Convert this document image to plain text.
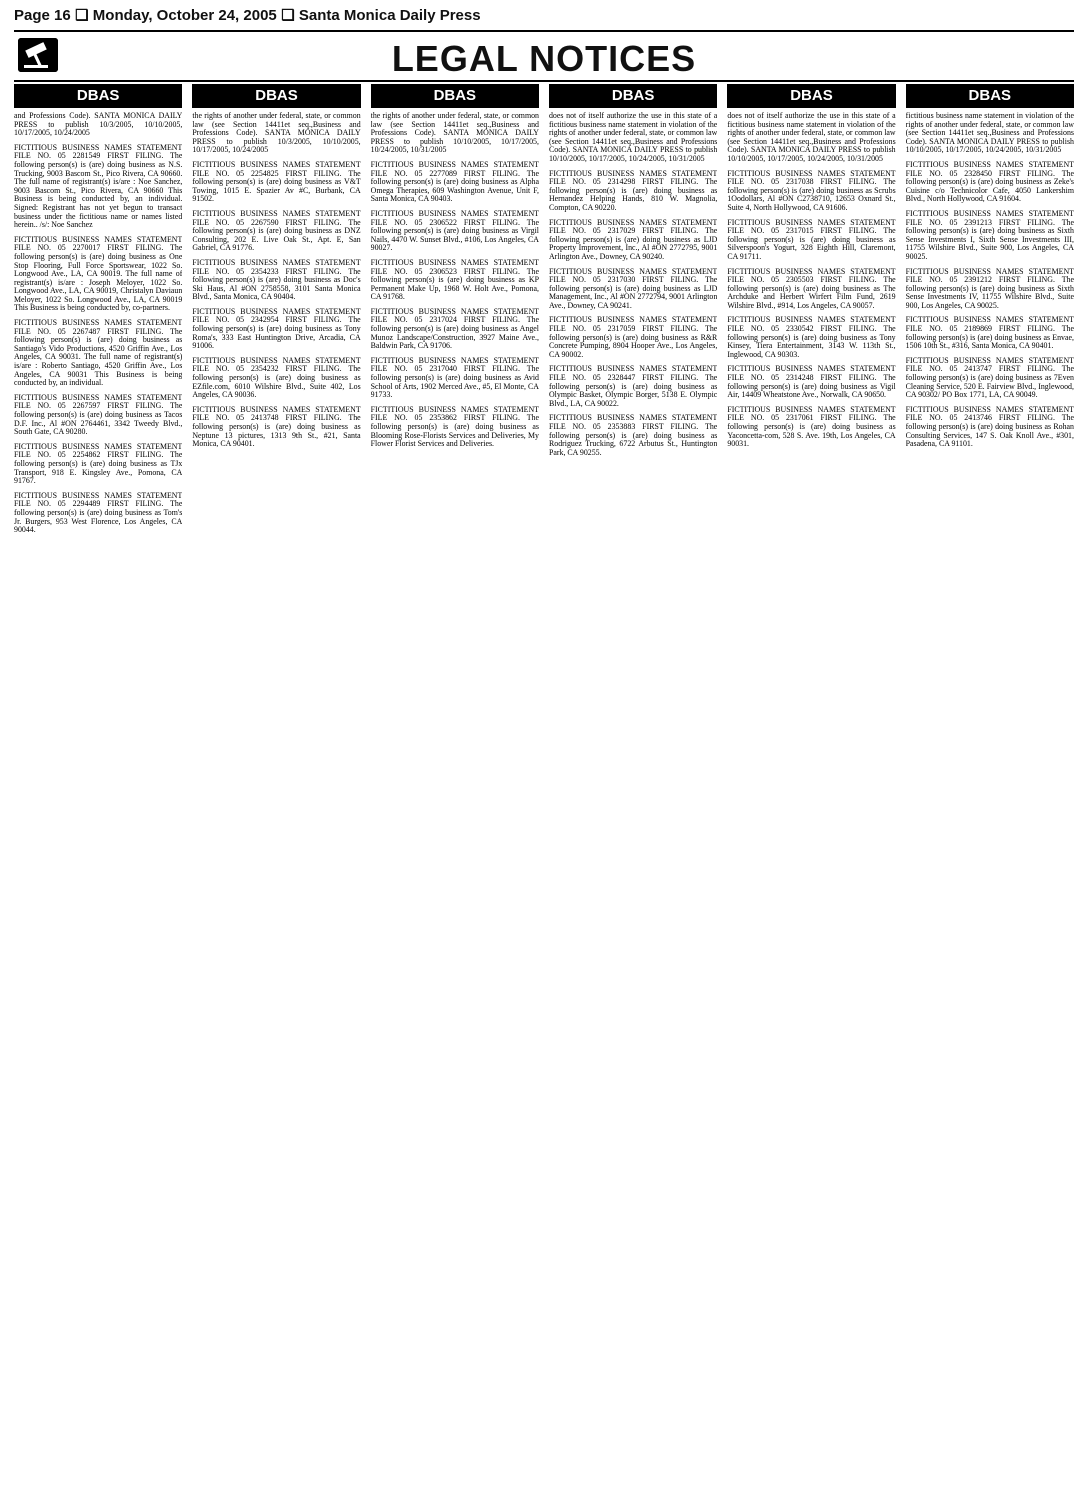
Page 16 ❑ Monday, October 24, 2005 ❑ Santa Monica Daily Press
LEGAL NOTICES
DBAS

and Professions Code). SANTA MONICA DAILY PRESS to publish 10/3/2005, 10/10/2005, 10/17/2005, 10/24/2005

FICTITIOUS BUSINESS NAMES STATEMENT FILE NO. 05 2281549 FIRST FILING. The following person(s) is (are) doing business as N.S. Trucking, 9003 Bascom St., Pico Rivera, CA 90660. The full name of registrant(s) is/are : Noe Sanchez, 9003 Bascom St., Pico Rivera, CA 90660 This Business is being conducted by, an individual. Signed: Registrant has not yet begun to transact business under the fictitious name or names listed herein.. /s/: Noe Sanchez

FICTITIOUS BUSINESS NAMES STATEMENT FILE NO. 05 2270017 FIRST FILING. The following person(s) is (are) doing business as One Stop Flooring, Full Force Sportswear, 1022 So. Longwood Ave., LA, CA 90019. The full name of registrant(s) is/are : Joseph Meloyer, 1022 So. Longwood Ave., LA, CA 90019, Christalyn Daviaun Meloyer, 1022 So. Longwood Ave., LA, CA 90019 This Business is being conducted by, co-partners.

FICTITIOUS BUSINESS NAMES STATEMENT FILE NO. 05 2267487 FIRST FILING. The following person(s) is (are) doing business as Santiago's Vido Productions, 4520 Griffin Ave., Los Angeles, CA 90031. The full name of registrant(s) is/are : Roberto Santiago, 4520 Griffin Ave., Los Angeles, CA 90031 This Business is being conducted by, an individual.

FICTITIOUS BUSINESS NAMES STATEMENT FILE NO. 05 2267597 FIRST FILING. The following person(s) is (are) doing business as Tacos D.F. Inc., Al #ON 2764461, 3342 Tweedy Blvd., South Gate, CA 90280.

FICTITIOUS BUSINESS NAMES STATEMENT FILE NO. 05 2254862 FIRST FILING. The following person(s) is (are) doing business as TJx Transport, 918 E. Kingsley Ave., Pomona, CA 91767.

FICTITIOUS BUSINESS NAMES STATEMENT FILE NO. 05 2294489 FIRST FILING. The following person(s) is (are) doing business as Tom's Jr. Burgers, 953 West Florence, Los Angeles, CA 90044.

DBAS

the rights of another under federal, state, or common law (see Section 14411et seq.,Business and Professions Code). SANTA MONICA DAILY PRESS to publish 10/3/2005, 10/10/2005, 10/17/2005, 10/24/2005

FICTITIOUS BUSINESS NAMES STATEMENT FILE NO. 05 2254825 FIRST FILING. The following person(s) is (are) doing business as V&T Towing, 1015 E. Spazier Av #C, Burbank, CA 91502.

FICTITIOUS BUSINESS NAMES STATEMENT FILE NO. 05 2267590 FIRST FILING. The following person(s) is (are) doing business as DNZ Consulting, 202 E. Live Oak St., Apt. E, San Gabriel, CA 91776.

FICTITIOUS BUSINESS NAMES STATEMENT FILE NO. 05 2354233 FIRST FILING. The following person(s) is (are) doing business as Doc's Ski Haus, Al #ON 2758558, 3101 Santa Monica Blvd., Santa Monica, CA 90404.

FICTITIOUS BUSINESS NAMES STATEMENT FILE NO. 05 2342954 FIRST FILING. The following person(s) is (are) doing business as Tony Roma's, 333 East Huntington Drive, Arcadia, CA 91006.

FICTITIOUS BUSINESS NAMES STATEMENT FILE NO. 05 2354232 FIRST FILING. The following person(s) is (are) doing business as EZfile.com, 6010 Wilshire Blvd., Suite 402, Los Angeles, CA 90036.

FICTITIOUS BUSINESS NAMES STATEMENT FILE NO. 05 2413748 FIRST FILING. The following person(s) is (are) doing business as Neptune 13 pictures, 1313 9th St., #21, Santa Monica, CA 90401.

DBAS

the rights of another under federal, state, or common law (see Section 14411et seq.,Business and Professions Code). SANTA MONICA DAILY PRESS to publish 10/10/2005, 10/17/2005, 10/24/2005, 10/31/2005

FICTITIOUS BUSINESS NAMES STATEMENT FILE NO. 05 2277089 FIRST FILING. The following person(s) is (are) doing business as Alpha Omega Therapies, 609 Washington Avenue, Unit F, Santa Monica, CA 90403.

FICTITIOUS BUSINESS NAMES STATEMENT FILE NO. 05 2306522 FIRST FILING. The following person(s) is (are) doing business as Virgil Nails, 4470 W. Sunset Blvd., #106, Los Angeles, CA 90027.

FICTITIOUS BUSINESS NAMES STATEMENT FILE NO. 05 2306523 FIRST FILING. The following person(s) is (are) doing business as KP Permanent Make Up, 1968 W. Holt Ave., Pomona, CA 91768.

FICTITIOUS BUSINESS NAMES STATEMENT FILE NO. 05 2317024 FIRST FILING. The following person(s) is (are) doing business as Angel Munoz Landscape/Construction, 3927 Maine Ave., Baldwin Park, CA 91706.

FICTITIOUS BUSINESS NAMES STATEMENT FILE NO. 05 2317040 FIRST FILING. The following person(s) is (are) doing business as Avid School of Arts, 1902 Merced Ave., #5, El Monte, CA 91733.

FICTITIOUS BUSINESS NAMES STATEMENT FILE NO. 05 2353862 FIRST FILING. The following person(s) is (are) doing business as Blooming Rose-Florists Services and Deliveries, My Flower Florist Services and Deliveries.

DBAS

does not of itself authorize the use in this state of a fictitious business name statement in violation of the rights of another under federal, state, or common law (see Section 14411et seq.,Business and Professions Code). SANTA MONICA DAILY PRESS to publish 10/10/2005, 10/17/2005, 10/24/2005, 10/31/2005

FICTITIOUS BUSINESS NAMES STATEMENT FILE NO. 05 2314298 FIRST FILING. The following person(s) is (are) doing business as Hernandez Helping Hands, 810 W. Magnolia, Compton, CA 90220.

FICTITIOUS BUSINESS NAMES STATEMENT FILE NO. 05 2317029 FIRST FILING. The following person(s) is (are) doing business as LJD Property Improvement, Inc., Al #ON 2772795, 9001 Arlington Ave., Downey, CA 90240.

FICTITIOUS BUSINESS NAMES STATEMENT FILE NO. 05 2317030 FIRST FILING. The following person(s) is (are) doing business as LJD Management, Inc., Al #ON 2772794, 9001 Arlington Ave., Downey, CA 90241.

FICTITIOUS BUSINESS NAMES STATEMENT FILE NO. 05 2317059 FIRST FILING. The following person(s) is (are) doing business as R&R Concrete Pumping, 8904 Hooper Ave., Los Angeles, CA 90002.

FICTITIOUS BUSINESS NAMES STATEMENT FILE NO. 05 2328447 FIRST FILING. The following person(s) is (are) doing business as Olympic Basket, Olympic Borger, 5138 E. Olympic Blvd., LA, CA 90022.

FICTITIOUS BUSINESS NAMES STATEMENT FILE NO. 05 2353883 FIRST FILING. The following person(s) is (are) doing business as Rodriguez Trucking, 6722 Arbutus St., Huntington Park, CA 90255.

DBAS

does not of itself authorize the use in this state of a fictitious business name statement in violation of the rights of another under federal, state, or common law (see Section 14411et seq.,Business and Professions Code). SANTA MONICA DAILY PRESS to publish 10/10/2005, 10/17/2005, 10/24/2005, 10/31/2005

FICTITIOUS BUSINESS NAMES STATEMENT FILE NO. 05 2317038 FIRST FILING. The following person(s) is (are) doing business as Scrubs 1Oodollars, Al #ON C2738710, 12653 Oxnard St., Suite 4, North Hollywood, CA 91606.

FICTITIOUS BUSINESS NAMES STATEMENT FILE NO. 05 2317015 FIRST FILING. The following person(s) is (are) doing business as Silverspoon's Yogurt, 328 Eighth Hill, Claremont, CA 91711.

FICTITIOUS BUSINESS NAMES STATEMENT FILE NO. 05 2305503 FIRST FILING. The following person(s) is (are) doing business as The Archduke and Herbert Wirfert Film Fund, 2619 Wilshire Blvd., #914, Los Angeles, CA 90057.

FICTITIOUS BUSINESS NAMES STATEMENT FILE NO. 05 2330542 FIRST FILING. The following person(s) is (are) doing business as Tony Kinsey, Tiera Entertainment, 3143 W. 113th St., Inglewood, CA 90303.

FICTITIOUS BUSINESS NAMES STATEMENT FILE NO. 05 2314248 FIRST FILING. The following person(s) is (are) doing business as Vigil Air, 14409 Wheatstone Ave., Norwalk, CA 90650.

FICTITIOUS BUSINESS NAMES STATEMENT FILE NO. 05 2317061 FIRST FILING. The following person(s) is (are) doing business as Yaconcetta-com, 528 S. Ave. 19th, Los Angeles, CA 90031.

DBAS

fictitious business name statement in violation of the rights of another under federal, state, or common law (see Section 14411et seq.,Business and Professions Code). SANTA MONICA DAILY PRESS to publish 10/10/2005, 10/17/2005, 10/24/2005, 10/31/2005

FICTITIOUS BUSINESS NAMES STATEMENT FILE NO. 05 2328450 FIRST FILING. The following person(s) is (are) doing business as Zeke's Cuisine c/o Technicolor Cafe, 4050 Lankershim Blvd., North Hollywood, CA 91604.

FICTITIOUS BUSINESS NAMES STATEMENT FILE NO. 05 2391213 FIRST FILING. The following person(s) is (are) doing business as Sixth Sense Investments I, Sixth Sense Investments III, 11755 Wilshire Blvd., Suite 900, Los Angeles, CA 90025.

FICTITIOUS BUSINESS NAMES STATEMENT FILE NO. 05 2391212 FIRST FILING. The following person(s) is (are) doing business as Sixth Sense Investments IV, 11755 Wilshire Blvd., Suite 900, Los Angeles, CA 90025.

FICTITIOUS BUSINESS NAMES STATEMENT FILE NO. 05 2189869 FIRST FILING. The following person(s) is (are) doing business as Envae, 1506 10th St., #316, Santa Monica, CA 90401.

FICTITIOUS BUSINESS NAMES STATEMENT FILE NO. 05 2413747 FIRST FILING. The following person(s) is (are) doing business as 7Even Cleaning Service, 520 E. Fairview Blvd., Inglewood, CA 90302/ PO Box 1771, LA, CA 90049.

FICTITIOUS BUSINESS NAMES STATEMENT FILE NO. 05 2413746 FIRST FILING. The following person(s) is (are) doing business as Rohan Consulting Services, 147 S. Oak Knoll Ave., #301, Pasadena, CA 91101.
